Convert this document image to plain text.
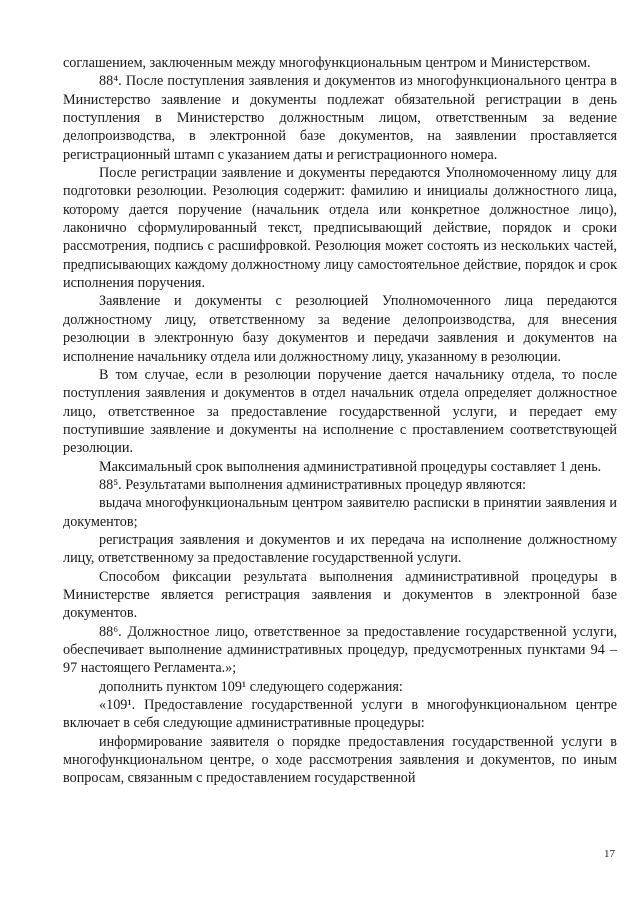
соглашением, заключенным между многофункциональным центром и Министерством.

88⁴. После поступления заявления и документов из многофункционального центра в Министерство заявление и документы подлежат обязательной регистрации в день поступления в Министерство должностным лицом, ответственным за ведение делопроизводства, в электронной базе документов, на заявлении проставляется регистрационный штамп с указанием даты и регистрационного номера.

После регистрации заявление и документы передаются Уполномоченному лицу для подготовки резолюции. Резолюция содержит: фамилию и инициалы должностного лица, которому дается поручение (начальник отдела или конкретное должностное лицо), лаконично сформулированный текст, предписывающий действие, порядок и сроки рассмотрения, подпись с расшифровкой. Резолюция может состоять из нескольких частей, предписывающих каждому должностному лицу самостоятельное действие, порядок и срок исполнения поручения.

Заявление и документы с резолюцией Уполномоченного лица передаются должностному лицу, ответственному за ведение делопроизводства, для внесения резолюции в электронную базу документов и передачи заявления и документов на исполнение начальнику отдела или должностному лицу, указанному в резолюции.

В том случае, если в резолюции поручение дается начальнику отдела, то после поступления заявления и документов в отдел начальник отдела определяет должностное лицо, ответственное за предоставление государственной услуги, и передает ему поступившие заявление и документы на исполнение с проставлением соответствующей резолюции.

Максимальный срок выполнения административной процедуры составляет 1 день.

88⁵. Результатами выполнения административных процедур являются:

выдача многофункциональным центром заявителю расписки в принятии заявления и документов;

регистрация заявления и документов и их передача на исполнение должностному лицу, ответственному за предоставление государственной услуги.

Способом фиксации результата выполнения административной процедуры в Министерстве является регистрация заявления и документов в электронной базе документов.

88⁶. Должностное лицо, ответственное за предоставление государственной услуги, обеспечивает выполнение административных процедур, предусмотренных пунктами 94 – 97 настоящего Регламента.»;

дополнить пунктом 109¹ следующего содержания:

«109¹. Предоставление государственной услуги в многофункциональном центре включает в себя следующие административные процедуры:

информирование заявителя о порядке предоставления государственной услуги в многофункциональном центре, о ходе рассмотрения заявления и документов, по иным вопросам, связанным с предоставлением государственной

17
